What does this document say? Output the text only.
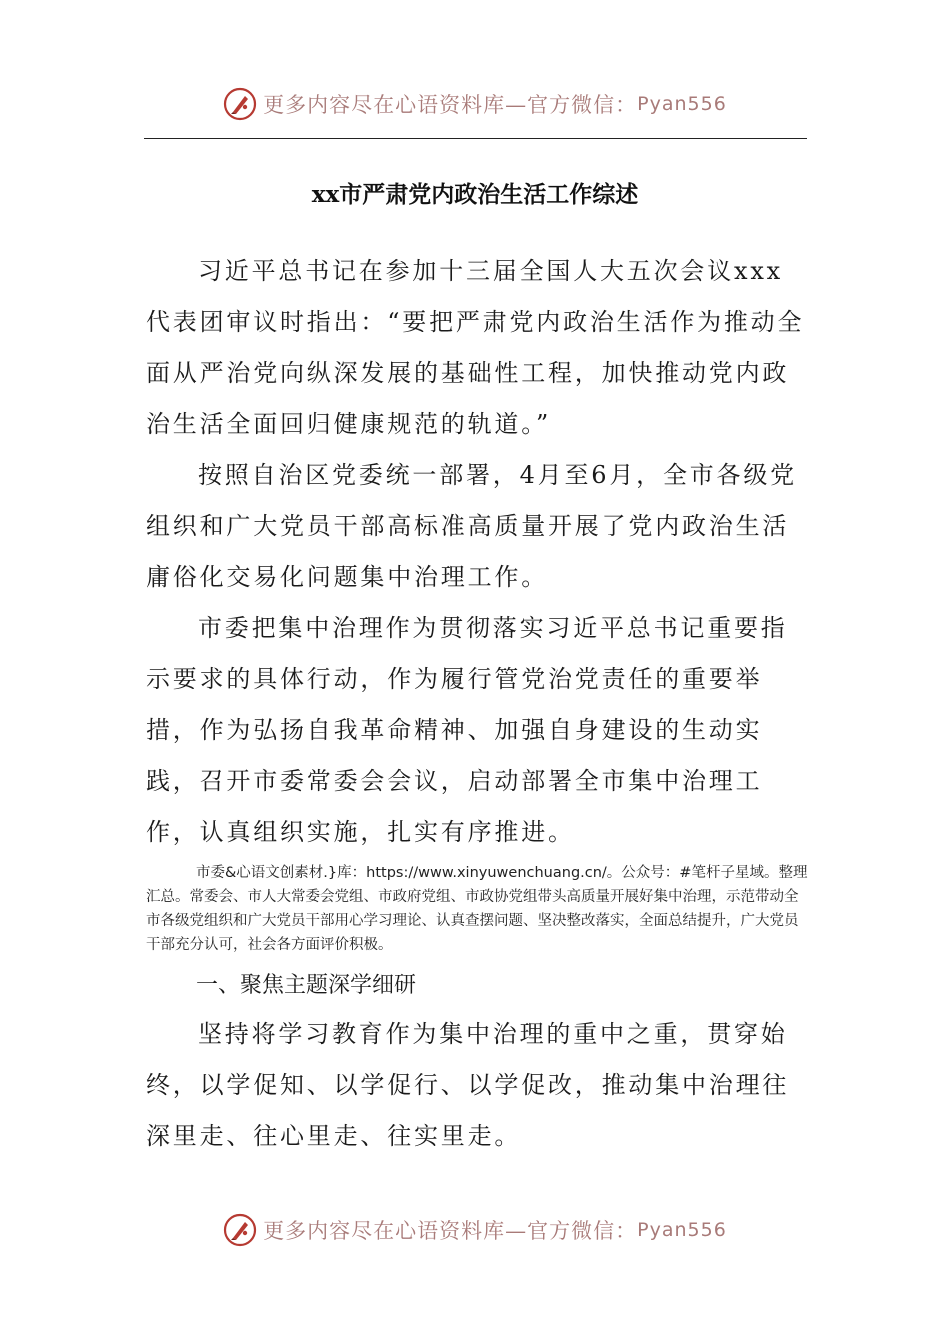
更多内容尽在心语资料库—官方微信： Pyan556
xx市严肃党内政治生活工作综述

习近平总书记在参加十三届全国人大五次会议xxx代表团审议时指出：“要把严肃党内政治生活作为推动全面从严治党向纵深发展的基础性工程，加快推动党内政治生活全面回归健康规范的轨道。”

按照自治区党委统一部署，4月至6月，全市各级党组织和广大党员干部高标准高质量开展了党内政治生活庸俗化交易化问题集中治理工作。

市委把集中治理作为贯彻落实习近平总书记重要指示要求的具体行动，作为履行管党治党责任的重要举措，作为弘扬自我革命精神、加强自身建设的生动实践，召开市委常委会会议，启动部署全市集中治理工作，认真组织实施，扎实有序推进。

市委&心语文创素材.}库：https://www.xinyuwenchuang.cn/。公众号：#笔杆子星域。整理汇总。常委会、市人大常委会党组、市政府党组、市政协党组带头高质量开展好集中治理，示范带动全市各级党组织和广大党员干部用心学习理论、认真查摆问题、坚决整改落实，全面总结提升，广大党员干部充分认可，社会各方面评价积极。

一、聚焦主题深学细研

坚持将学习教育作为集中治理的重中之重，贯穿始终，以学促知、以学促行、以学促改，推动集中治理往深里走、往心里走、往实里走。

更多内容尽在心语资料库—官方微信： Pyan556
